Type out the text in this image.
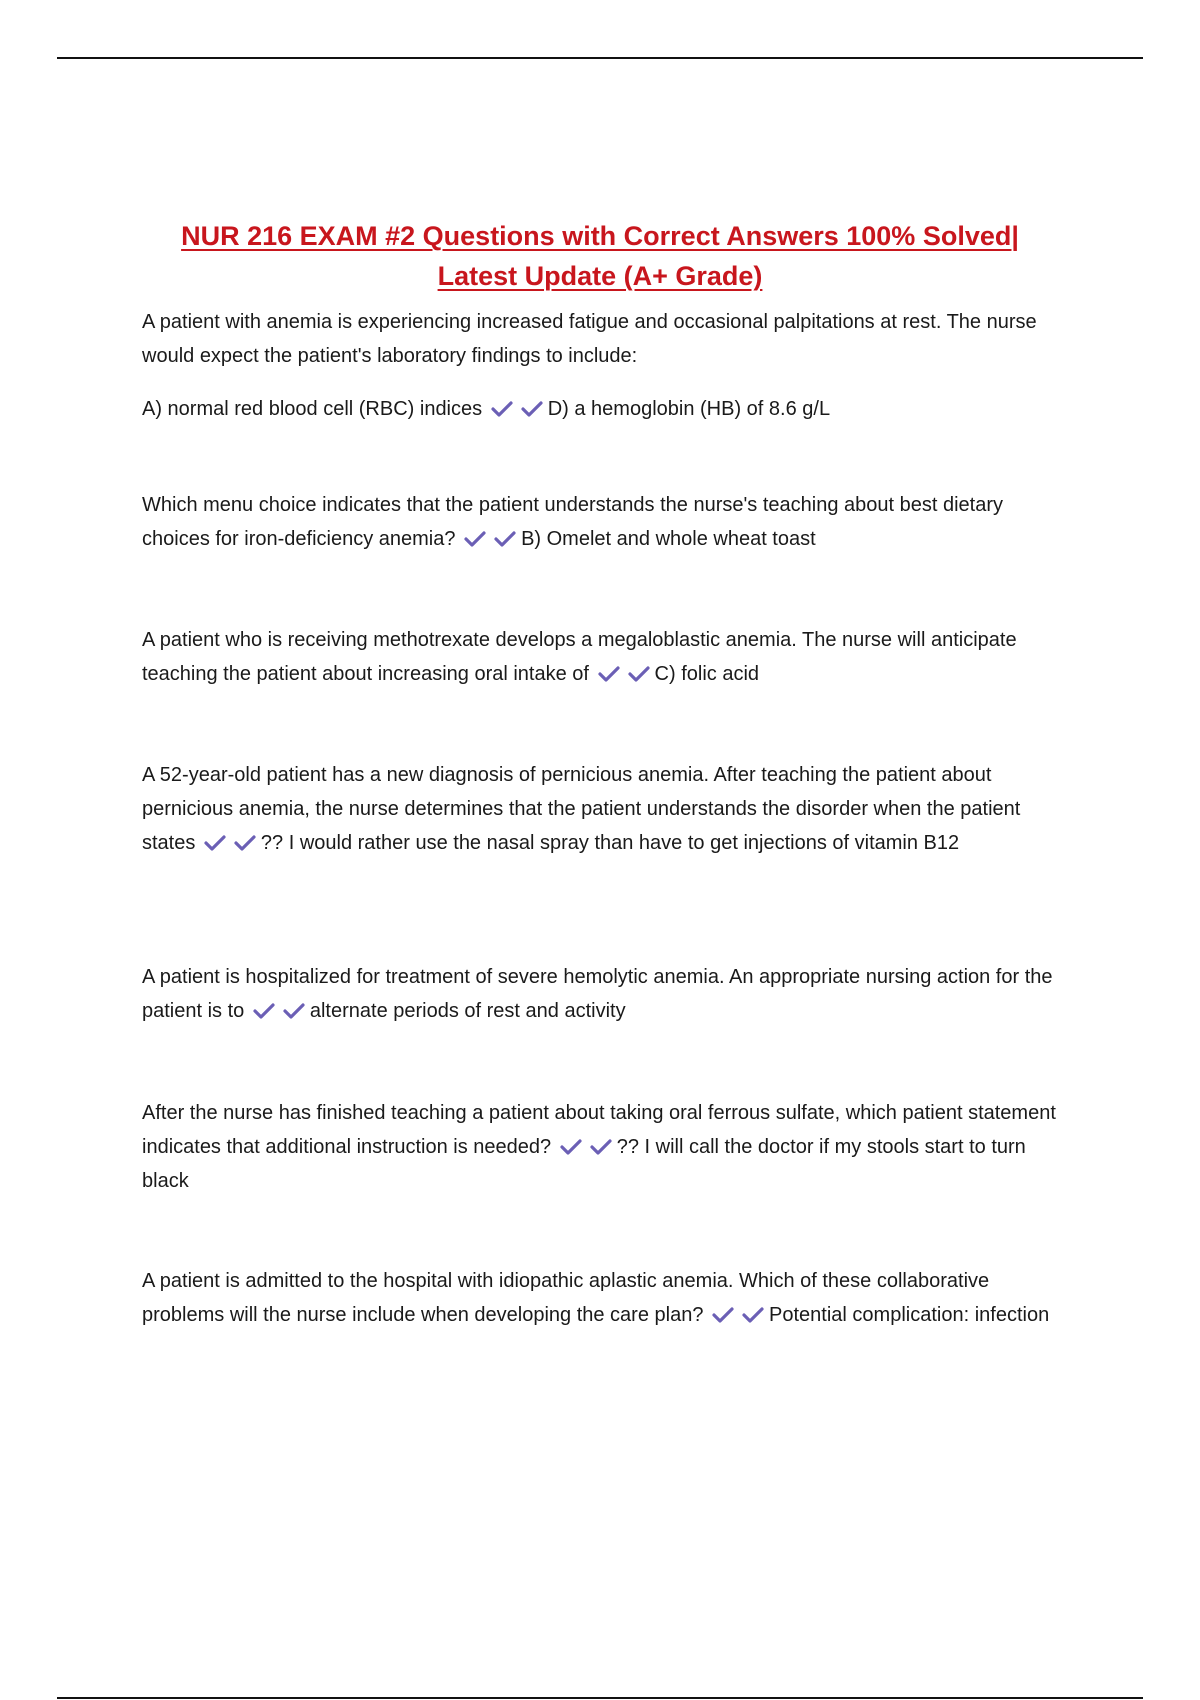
NUR 216 EXAM #2 Questions with Correct Answers 100% Solved|
Latest Update (A+ Grade)

A patient with anemia is experiencing increased fatigue and occasional palpitations at rest. The nurse would expect the patient's laboratory findings to include:

A) normal red blood cell (RBC) indices	D) a hemoglobin (HB) of 8.6 g/L

Which menu choice indicates that the patient understands the nurse's teaching about best dietary choices for iron-deficiency anemia?	B) Omelet and whole wheat toast

A patient who is receiving methotrexate develops a megaloblastic anemia. The nurse will anticipate teaching the patient about increasing oral intake of	C) folic acid

A 52-year-old patient has a new diagnosis of pernicious anemia. After teaching the patient about pernicious anemia, the nurse determines that the patient understands the disorder when the patient states	?? I would rather use the nasal spray than have to get injections of vitamin B12

A patient is hospitalized for treatment of severe hemolytic anemia. An appropriate nursing action for the patient is to	alternate periods of rest and activity

After the nurse has finished teaching a patient about taking oral ferrous sulfate, which patient statement indicates that additional instruction is needed?	?? I will call the doctor if my stools start to turn black

A patient is admitted to the hospital with idiopathic aplastic anemia. Which of these collaborative problems will the nurse include when developing the care plan?	Potential complication: infection
